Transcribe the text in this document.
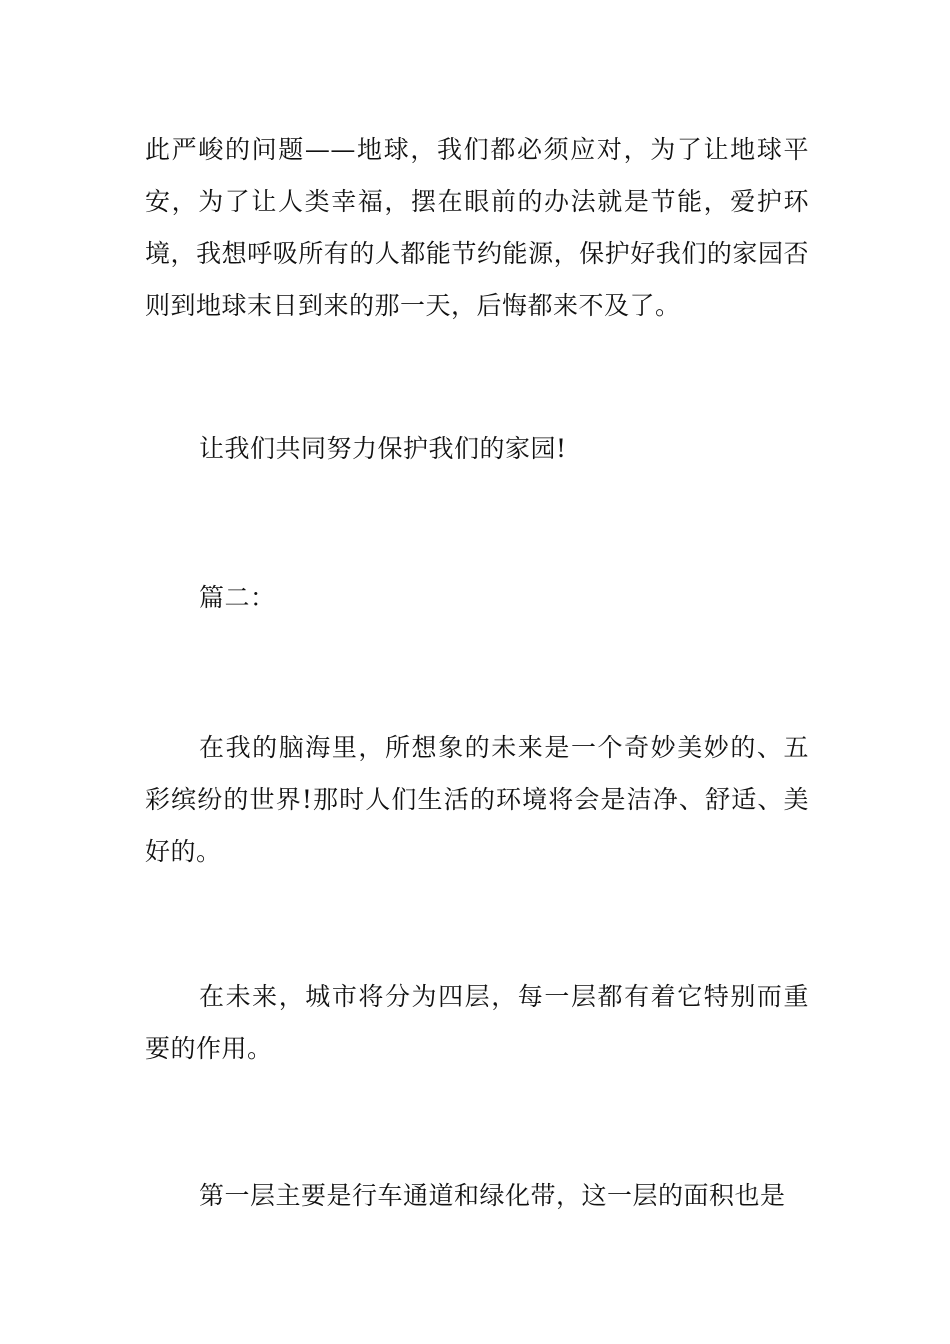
此严峻的问题——地球，我们都必须应对，为了让地球平安，为了让人类幸福，摆在眼前的办法就是节能，爱护环境，我想呼吸所有的人都能节约能源，保护好我们的家园否则到地球末日到来的那一天，后悔都来不及了。

让我们共同努力保护我们的家园!

篇二：

在我的脑海里，所想象的未来是一个奇妙美妙的、五彩缤纷的世界!那时人们生活的环境将会是洁净、舒适、美好的。

在未来，城市将分为四层，每一层都有着它特别而重要的作用。

第一层主要是行车通道和绿化带，这一层的面积也是
